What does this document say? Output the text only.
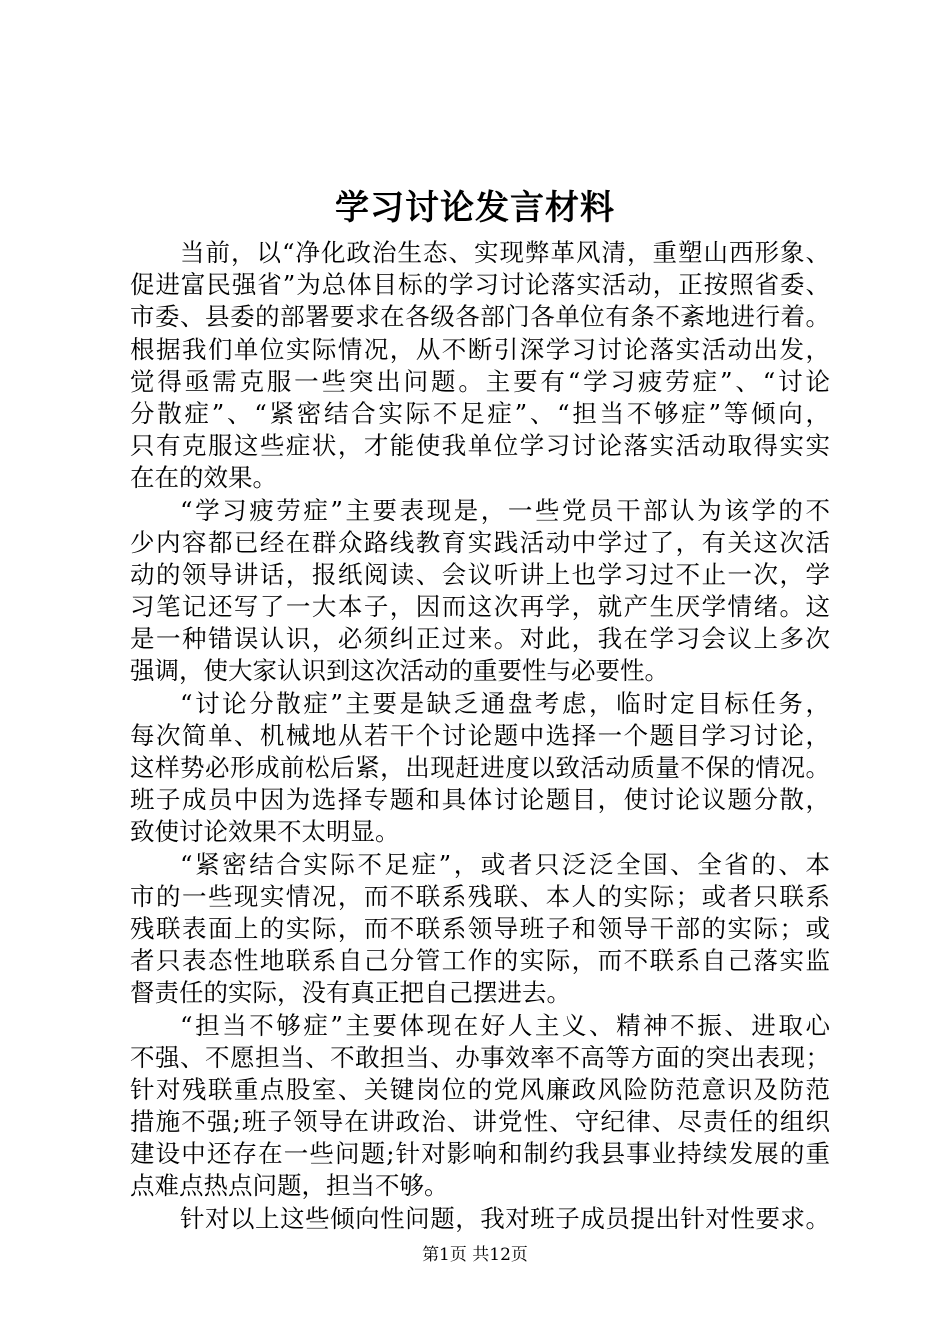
学习讨论发言材料
当前，以“净化政治生态、实现弊革风清，重塑山西形象、
促进富民强省”为总体目标的学习讨论落实活动，正按照省委、
市委、县委的部署要求在各级各部门各单位有条不紊地进行着。
根据我们单位实际情况，从不断引深学习讨论落实活动出发，
觉得亟需克服一些突出问题。主要有“学习疲劳症”、“讨论
分散症”、“紧密结合实际不足症”、“担当不够症”等倾向，
只有克服这些症状，才能使我单位学习讨论落实活动取得实实
在在的效果。
“学习疲劳症”主要表现是，一些党员干部认为该学的不
少内容都已经在群众路线教育实践活动中学过了，有关这次活
动的领导讲话，报纸阅读、会议听讲上也学习过不止一次，学
习笔记还写了一大本子，因而这次再学，就产生厌学情绪。这
是一种错误认识，必须纠正过来。对此，我在学习会议上多次
强调，使大家认识到这次活动的重要性与必要性。
“讨论分散症”主要是缺乏通盘考虑，临时定目标任务，
每次简单、机械地从若干个讨论题中选择一个题目学习讨论，
这样势必形成前松后紧，出现赶进度以致活动质量不保的情况。
班子成员中因为选择专题和具体讨论题目，使讨论议题分散，
致使讨论效果不太明显。
“紧密结合实际不足症”，或者只泛泛全国、全省的、本
市的一些现实情况，而不联系残联、本人的实际；或者只联系
残联表面上的实际，而不联系领导班子和领导干部的实际；或
者只表态性地联系自己分管工作的实际，而不联系自己落实监
督责任的实际，没有真正把自己摆进去。
“担当不够症”主要体现在好人主义、精神不振、进取心
不强、不愿担当、不敢担当、办事效率不高等方面的突出表现；
针对残联重点股室、关键岗位的党风廉政风险防范意识及防范
措施不强;班子领导在讲政治、讲党性、守纪律、尽责任的组织
建设中还存在一些问题;针对影响和制约我县事业持续发展的重
点难点热点问题，担当不够。
针对以上这些倾向性问题，我对班子成员提出针对性要求。
第1页 共12页
